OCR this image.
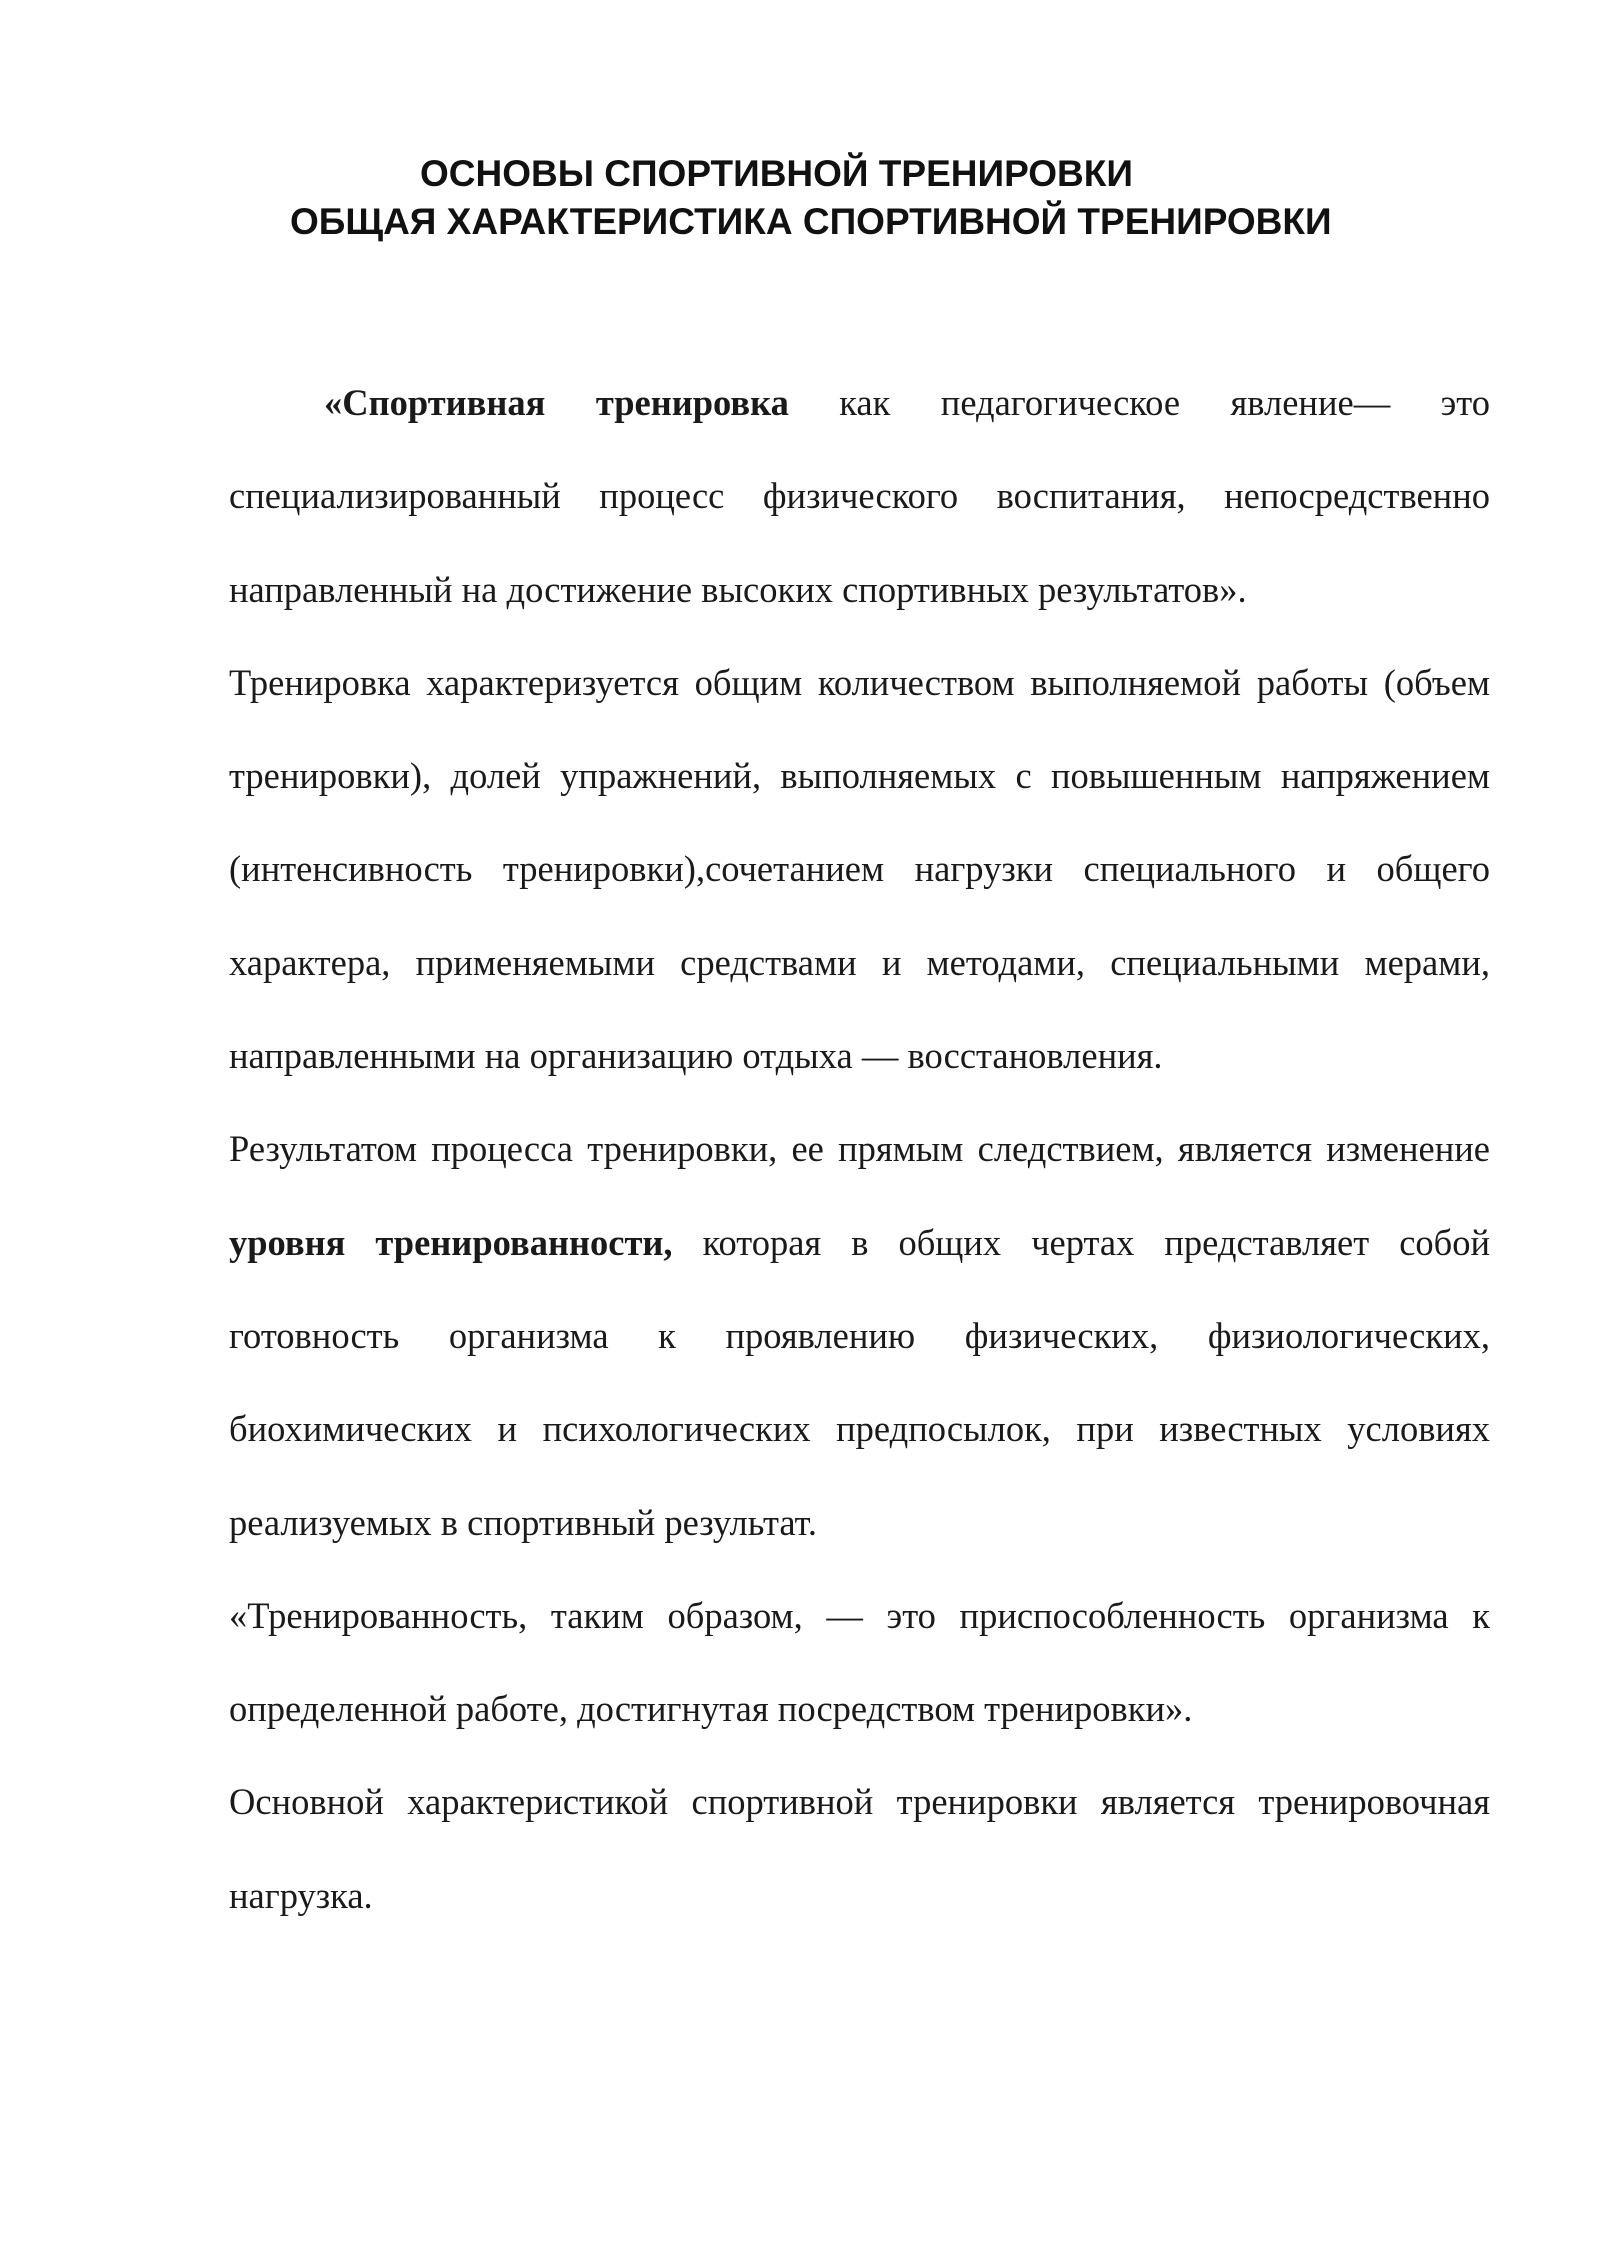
ОСНОВЫ СПОРТИВНОЙ ТРЕНИРОВКИ
ОБЩАЯ ХАРАКТЕРИСТИКА СПОРТИВНОЙ ТРЕНИРОВКИ

«Спортивная тренировка как педагогическое явление— это специализированный процесс физического воспитания, непосредственно направленный на достижение высоких спортивных результатов».

Тренировка характеризуется общим количеством выполняемой работы (объем тренировки), долей упражнений, выполняемых с повышенным напряжением (интенсивность тренировки),сочетанием нагрузки специального и общего характера, применяемыми средствами и методами, специальными мерами, направленными на организацию отдыха — восстановления.

Результатом процесса тренировки, ее прямым следствием, является изменение уровня тренированности, которая в общих чертах представляет собой готовность организма к проявлению физических, физиологических, биохимических и психологических предпосылок, при известных условиях реализуемых в спортивный результат.

«Тренированность, таким образом, — это приспособленность организма к определенной работе, достигнутая посредством тренировки».

Основной характеристикой спортивной тренировки является тренировочная нагрузка.
